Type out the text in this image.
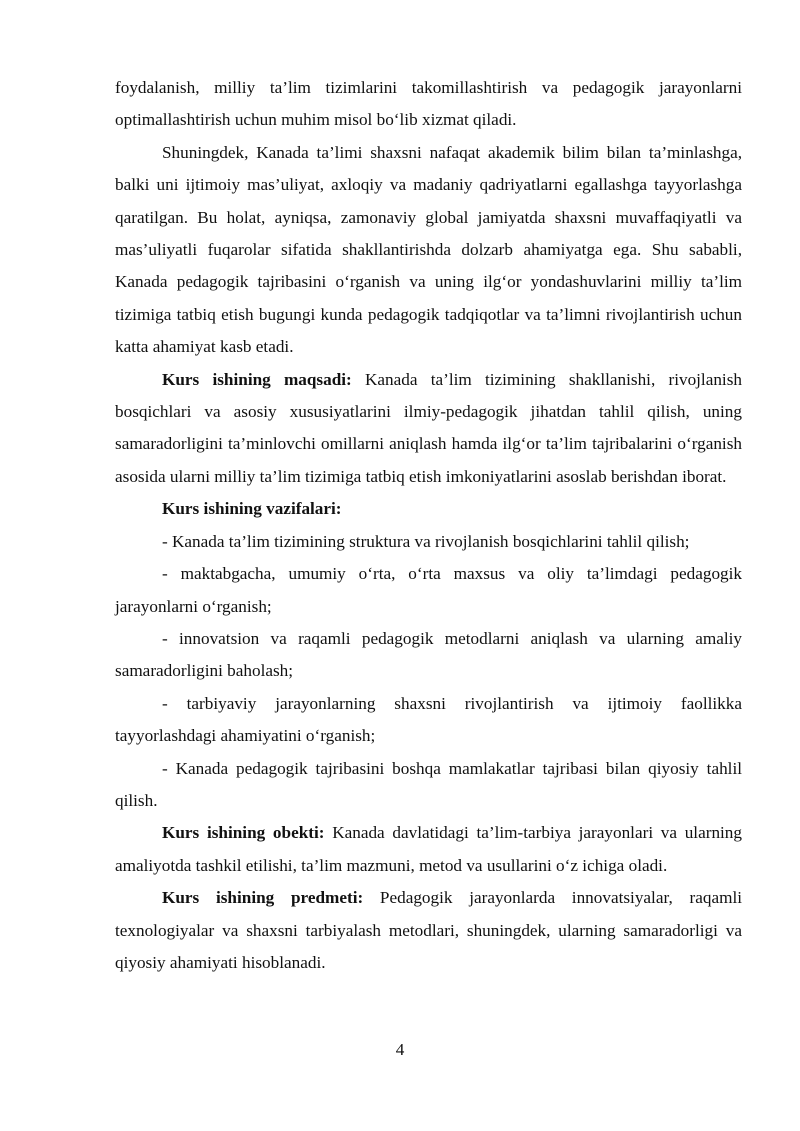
foydalanish, milliy ta’lim tizimlarini takomillashtirish va pedagogik jarayonlarni optimallashtirish uchun muhim misol bo‘lib xizmat qiladi.

Shuningdek, Kanada ta’limi shaxsni nafaqat akademik bilim bilan ta’minlashga, balki uni ijtimoiy mas’uliyat, axloqiy va madaniy qadriyatlarni egallashga tayyorlashga qaratilgan. Bu holat, ayniqsa, zamonaviy global jamiyatda shaxsni muvaffaqiyatli va mas’uliyatli fuqarolar sifatida shakllantirishda dolzarb ahamiyatga ega. Shu sababli, Kanada pedagogik tajribasini o‘rganish va uning ilg‘or yondashuvlarini milliy ta’lim tizimiga tatbiq etish bugungi kunda pedagogik tadqiqotlar va ta’limni rivojlantirish uchun katta ahamiyat kasb etadi.

Kurs ishining maqsadi: Kanada ta’lim tizimining shakllanishi, rivojlanish bosqichlari va asosiy xususiyatlarini ilmiy-pedagogik jihatdan tahlil qilish, uning samaradorligini ta’minlovchi omillarni aniqlash hamda ilg‘or ta’lim tajribalarini o‘rganish asosida ularni milliy ta’lim tizimiga tatbiq etish imkoniyatlarini asoslab berishdan iborat.

Kurs ishining vazifalari:

- Kanada ta’lim tizimining struktura va rivojlanish bosqichlarini tahlil qilish;

- maktabgacha, umumiy o‘rta, o‘rta maxsus va oliy ta’limdagi pedagogik jarayonlarni o‘rganish;

- innovatsion va raqamli pedagogik metodlarni aniqlash va ularning amaliy samaradorligini baholash;

- tarbiyaviy jarayonlarning shaxsni rivojlantirish va ijtimoiy faollikka tayyorlashdagi ahamiyatini o‘rganish;

- Kanada pedagogik tajribasini boshqa mamlakatlar tajribasi bilan qiyosiy tahlil qilish.

Kurs ishining obekti: Kanada davlatidagi ta’lim-tarbiya jarayonlari va ularning amaliyotda tashkil etilishi, ta’lim mazmuni, metod va usullarini o‘z ichiga oladi.

Kurs ishining predmeti: Pedagogik jarayonlarda innovatsiyalar, raqamli texnologiyalar va shaxsni tarbiyalash metodlari, shuningdek, ularning samaradorligi va qiyosiy ahamiyati hisoblanadi.

4
